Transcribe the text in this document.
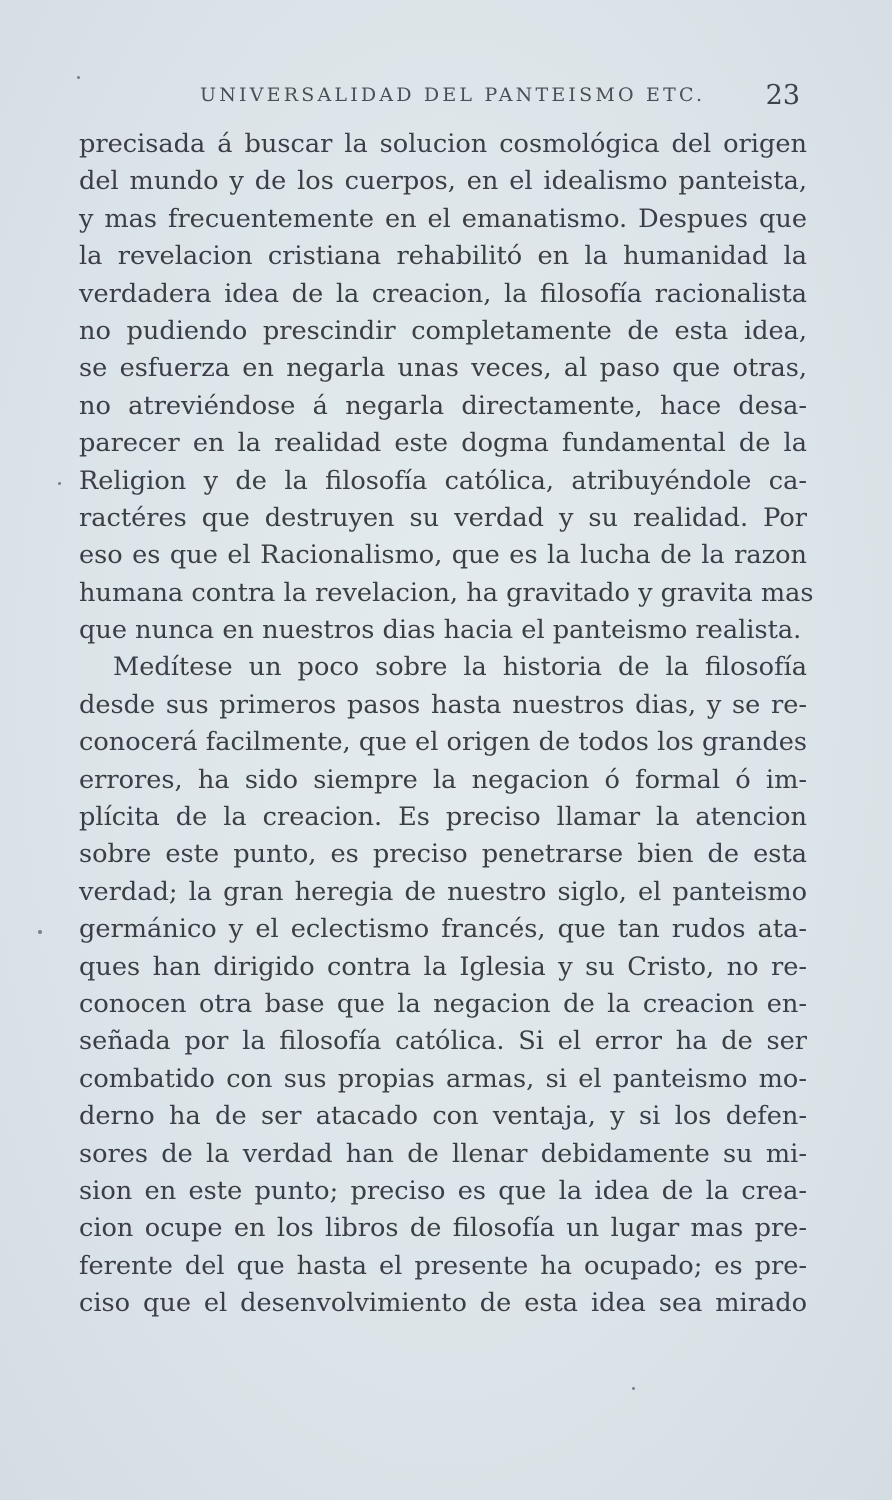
UNIVERSALIDAD DEL PANTEISMO ETC. 23
precisada á buscar la solucion cosmológica del origen
del mundo y de los cuerpos, en el idealismo panteista,
y mas frecuentemente en el emanatismo. Despues que
la revelacion cristiana rehabilitó en la humanidad la
verdadera idea de la creacion, la filosofía racionalista
no pudiendo prescindir completamente de esta idea,
se esfuerza en negarla unas veces, al paso que otras,
no atreviéndose á negarla directamente, hace desa-
parecer en la realidad este dogma fundamental de la
Religion y de la filosofía católica, atribuyéndole ca-
ractéres que destruyen su verdad y su realidad. Por
eso es que el Racionalismo, que es la lucha de la razon
humana contra la revelacion, ha gravitado y gravita mas
que nunca en nuestros dias hacia el panteismo realista.
Medítese un poco sobre la historia de la filosofía
desde sus primeros pasos hasta nuestros dias, y se re-
conocerá facilmente, que el origen de todos los grandes
errores, ha sido siempre la negacion ó formal ó im-
plícita de la creacion. Es preciso llamar la atencion
sobre este punto, es preciso penetrarse bien de esta
verdad; la gran heregia de nuestro siglo, el panteismo
germánico y el eclectismo francés, que tan rudos ata-
ques han dirigido contra la Iglesia y su Cristo, no re-
conocen otra base que la negacion de la creacion en-
señada por la filosofía católica. Si el error ha de ser
combatido con sus propias armas, si el panteismo mo-
derno ha de ser atacado con ventaja, y si los defen-
sores de la verdad han de llenar debidamente su mi-
sion en este punto; preciso es que la idea de la crea-
cion ocupe en los libros de filosofía un lugar mas pre-
ferente del que hasta el presente ha ocupado; es pre-
ciso que el desenvolvimiento de esta idea sea mirado
